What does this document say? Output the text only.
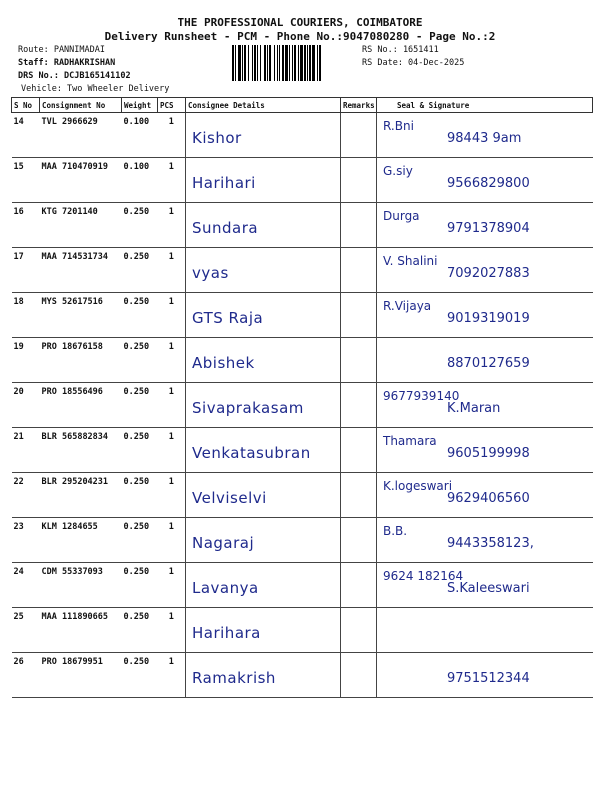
THE PROFESSIONAL COURIERS, COIMBATORE
Delivery Runsheet - PCM - Phone No.:9047080280 - Page No.:2
Route: PANNIMADAI
Staff: RADHAKRISHAN
DRS No.: DCJB165141102
Vehicle: Two Wheeler Delivery
RS No.: 1651411
RS Date: 04-Dec-2025
S No	Consignment No	Weight	PCS	Consignee Details	Remarks	Seal & Signature
14	TVL 2966629	0.100	1	Kishor		R.Bni
98443 9am

15	MAA 710470919	0.100	1	Harihari		G.siy
9566829800

16	KTG 7201140	0.250	1	Sundara		Durga
9791378904

17	MAA 714531734	0.250	1	vyas		V. Shalini
7092027883

18	MYS 52617516	0.250	1	GTS Raja		R.Vijaya
9019319019

19	PRO 18676158	0.250	1	Abishek		8870127659

20	PRO 18556496	0.250	1	Sivaprakasam		9677939140
K.Maran

21	BLR 565882834	0.250	1	Venkatasubran		Thamara
9605199998

22	BLR 295204231	0.250	1	Velviselvi		K.logeswari
9629406560

23	KLM 1284655	0.250	1	Nagaraj		B.B.
9443358123,

24	CDM 55337093	0.250	1	Lavanya		9624 182164
S.Kaleeswari

25	MAA 111890665	0.250	1	Harihara		

26	PRO 18679951	0.250	1	Ramakrish		9751512344
